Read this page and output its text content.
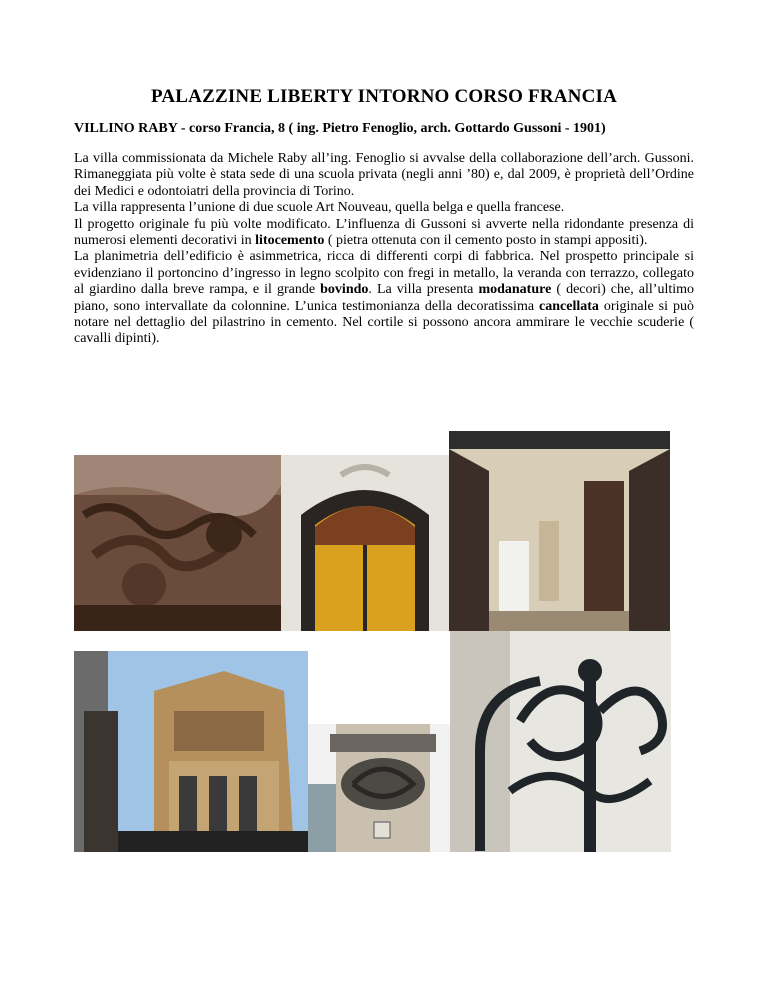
PALAZZINE LIBERTY INTORNO CORSO FRANCIA
VILLINO RABY - corso Francia, 8 ( ing. Pietro Fenoglio, arch. Gottardo Gussoni - 1901)

La villa commissionata da Michele Raby all’ing. Fenoglio si avvalse della collaborazione dell’arch. Gussoni. Rimaneggiata più volte è stata sede di una scuola privata (negli anni ’80) e, dal 2009, è proprietà dell’Ordine dei Medici e odontoiatri della provincia di Torino.

La villa rappresenta l’unione di due scuole Art Nouveau, quella belga e quella francese.

Il progetto originale fu più volte modificato. L’influenza di Gussoni si avverte nella ridondante presenza di numerosi elementi decorativi in litocemento ( pietra ottenuta con il cemento posto in stampi appositi).

La planimetria dell’edificio è asimmetrica, ricca di differenti corpi di fabbrica. Nel prospetto principale si evidenziano il portoncino d’ingresso in legno scolpito con fregi in metallo, la veranda con terrazzo, collegato al giardino dalla breve rampa, e il grande bovindo. La villa presenta modanature ( decori) che, all’ultimo piano, sono intervallate da colonnine. L’unica testimonianza della decoratissima cancellata originale si può notare nel dettaglio del pilastrino in cemento. Nel cortile si possono ancora ammirare le vecchie scuderie ( cavalli dipinti).
